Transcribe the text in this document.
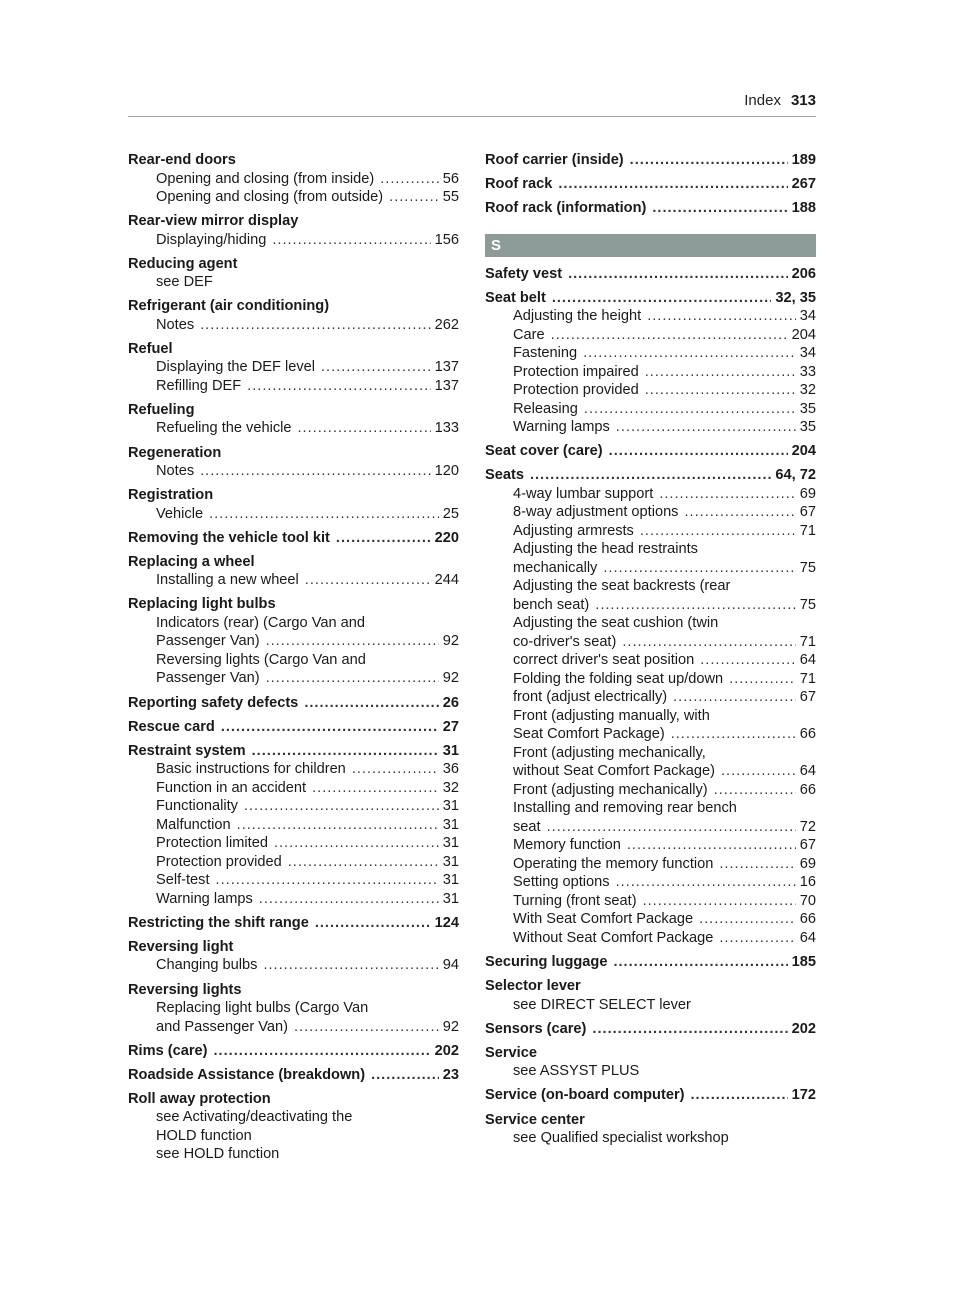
Index 313
Rear-end doors
Opening and closing (from inside) .....	56
Opening and closing (from outside) .....	55
Rear-view mirror display
Displaying/hiding .....	156
Reducing agent
see DEF
Refrigerant (air conditioning)
Notes .....	262
Refuel
Displaying the DEF level .....	137
Refilling DEF .....	137
Refueling
Refueling the vehicle .....	133
Regeneration
Notes .....	120
Registration
Vehicle .....	25
Removing the vehicle tool kit .....	220
Replacing a wheel
Installing a new wheel .....	244
Replacing light bulbs
Indicators (rear) (Cargo Van and
Passenger Van) .....	92
Reversing lights (Cargo Van and
Passenger Van) .....	92
Reporting safety defects .....	26
Rescue card .....	27
Restraint system .....	31
Basic instructions for children .....	36
Function in an accident .....	32
Functionality .....	31
Malfunction .....	31
Protection limited .....	31
Protection provided .....	31
Self-test .....	31
Warning lamps .....	31
Restricting the shift range .....	124
Reversing light
Changing bulbs .....	94
Reversing lights
Replacing light bulbs (Cargo Van
and Passenger Van) .....	92
Rims (care) .....	202
Roadside Assistance (breakdown) .....	23
Roll away protection
see Activating/deactivating the
HOLD function
see HOLD function
Roof carrier (inside) .....	189
Roof rack .....	267
Roof rack (information) .....	188
S
Safety vest .....	206
Seat belt .....	32, 35
Adjusting the height .....	34
Care .....	204
Fastening .....	34
Protection impaired .....	33
Protection provided .....	32
Releasing .....	35
Warning lamps .....	35
Seat cover (care) .....	204
Seats .....	64, 72
4-way lumbar support .....	69
8-way adjustment options .....	67
Adjusting armrests .....	71
Adjusting the head restraints
mechanically .....	75
Adjusting the seat backrests (rear
bench seat) .....	75
Adjusting the seat cushion (twin
co-driver's seat) .....	71
correct driver's seat position .....	64
Folding the folding seat up/down .....	71
front (adjust electrically) .....	67
Front (adjusting manually, with
Seat Comfort Package) .....	66
Front (adjusting mechanically,
without Seat Comfort Package) .....	64
Front (adjusting mechanically) .....	66
Installing and removing rear bench
seat .....	72
Memory function .....	67
Operating the memory function .....	69
Setting options .....	16
Turning (front seat) .....	70
With Seat Comfort Package .....	66
Without Seat Comfort Package .....	64
Securing luggage .....	185
Selector lever
see DIRECT SELECT lever
Sensors (care) .....	202
Service
see ASSYST PLUS
Service (on-board computer) .....	172
Service center
see Qualified specialist workshop
